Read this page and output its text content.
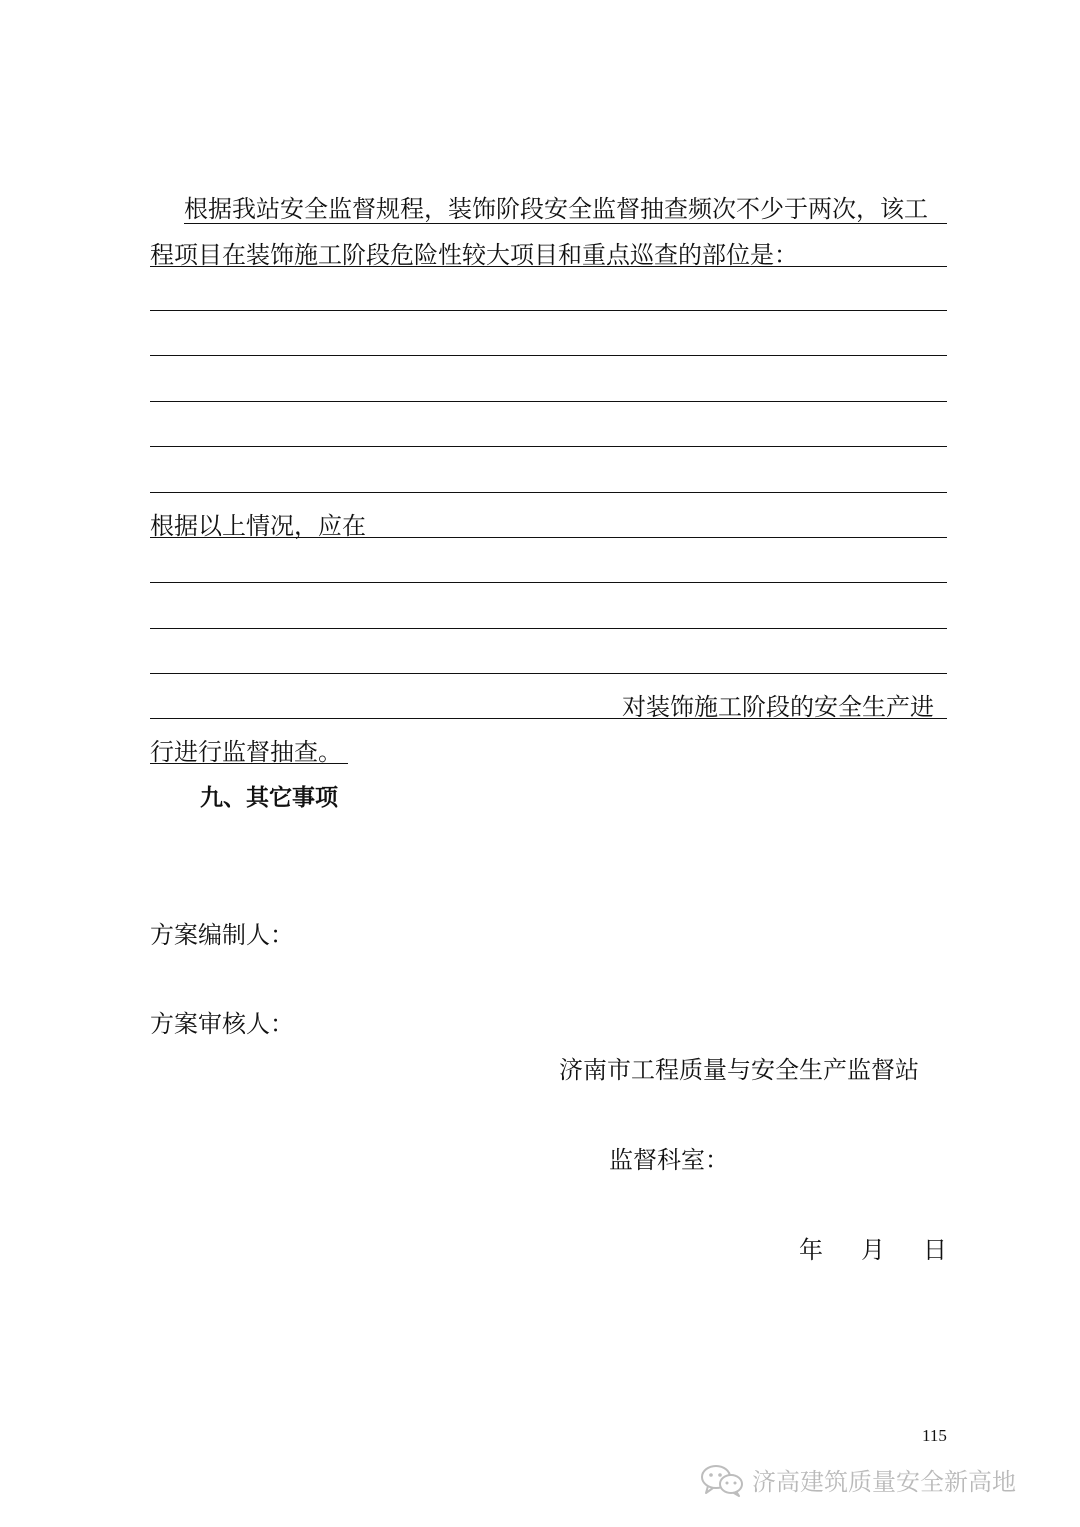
根据我站安全监督规程，装饰阶段安全监督抽查频次不少于两次，该工
程项目在装饰施工阶段危险性较大项目和重点巡查的部位是：
根据以上情况，应在
对装饰施工阶段的安全生产进
行进行监督抽查。
九、其它事项
方案编制人：
方案审核人：
济南市工程质量与安全生产监督站
监督科室：
年 月 日
115
济高建筑质量安全新高地
